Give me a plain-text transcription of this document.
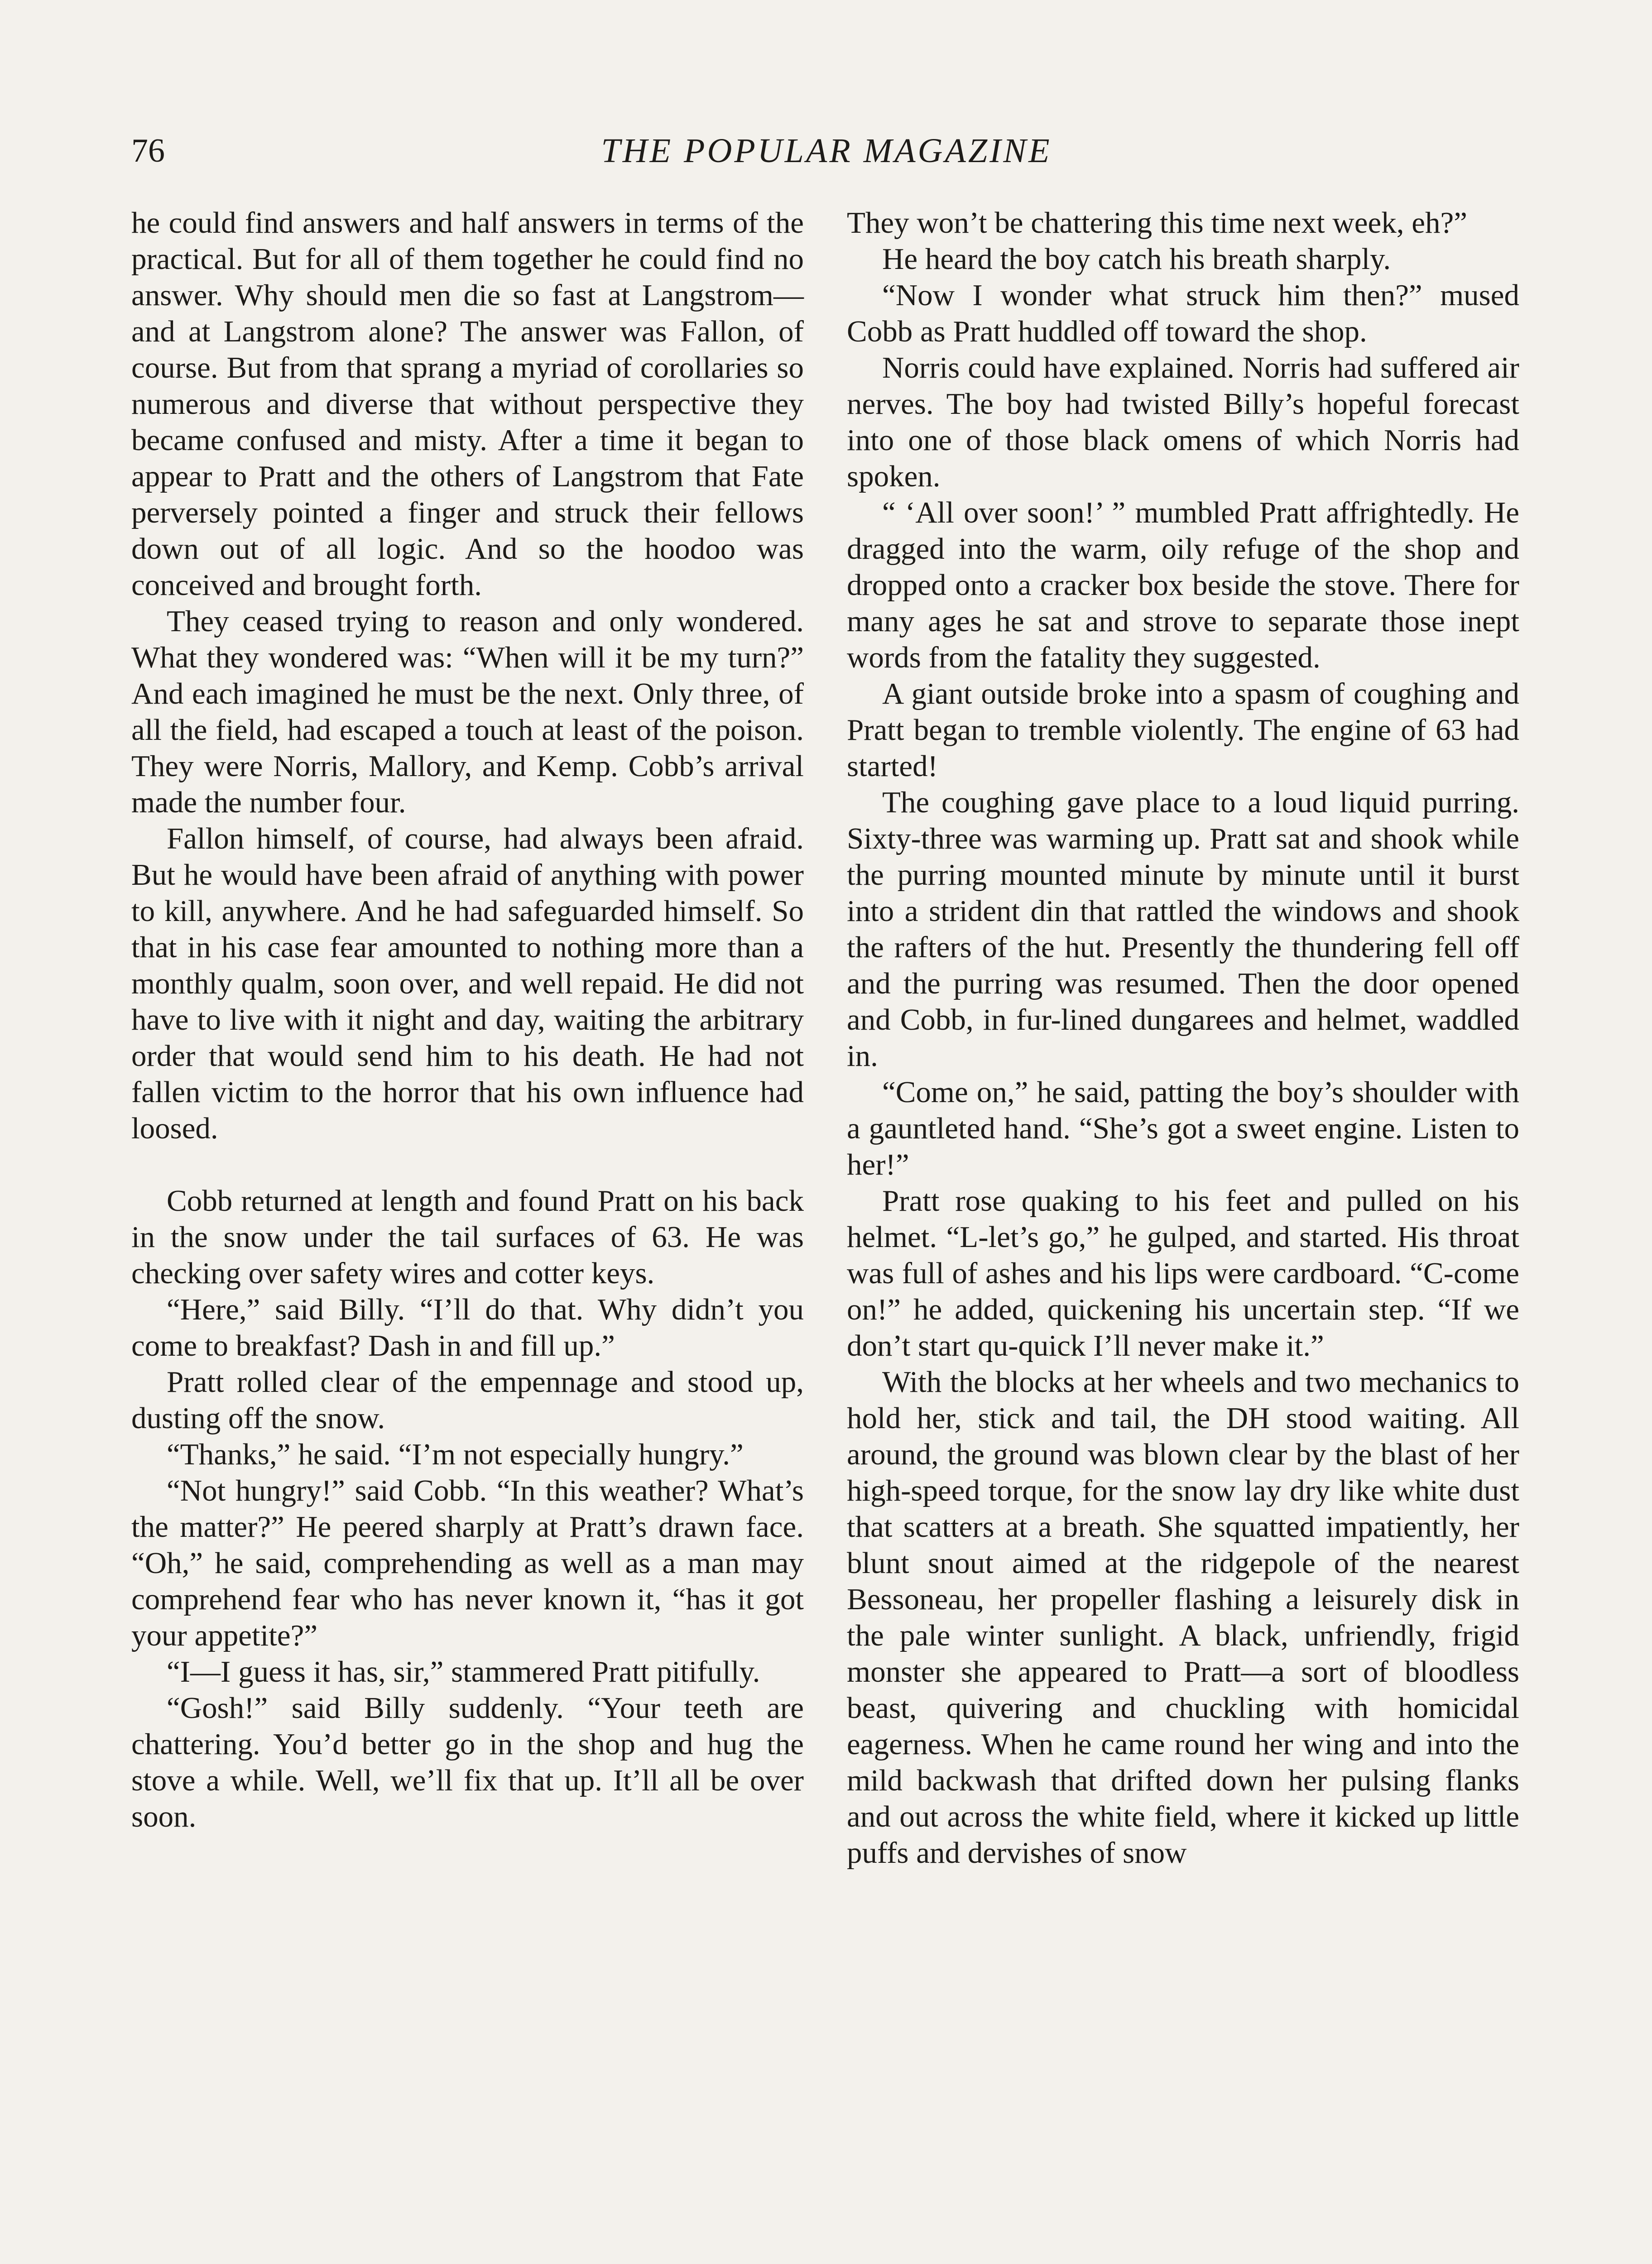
76	THE POPULAR MAGAZINE

he could find answers and half answers in terms of the practical. But for all of them together he could find no answer. Why should men die so fast at Langstrom—and at Langstrom alone? The answer was Fallon, of course. But from that sprang a myriad of corollaries so numerous and diverse that without perspective they became confused and misty. After a time it began to appear to Pratt and the others of Langstrom that Fate perversely pointed a finger and struck their fellows down out of all logic. And so the hoodoo was conceived and brought forth.

They ceased trying to reason and only wondered. What they wondered was: “When will it be my turn?” And each imagined he must be the next. Only three, of all the field, had escaped a touch at least of the poison. They were Norris, Mallory, and Kemp. Cobb’s arrival made the number four.

Fallon himself, of course, had always been afraid. But he would have been afraid of anything with power to kill, anywhere. And he had safeguarded himself. So that in his case fear amounted to nothing more than a monthly qualm, soon over, and well repaid. He did not have to live with it night and day, waiting the arbitrary order that would send him to his death. He had not fallen victim to the horror that his own influence had loosed.

Cobb returned at length and found Pratt on his back in the snow under the tail surfaces of 63. He was checking over safety wires and cotter keys.

“Here,” said Billy. “I’ll do that. Why didn’t you come to breakfast? Dash in and fill up.”

Pratt rolled clear of the empennage and stood up, dusting off the snow.

“Thanks,” he said. “I’m not especially hungry.”

“Not hungry!” said Cobb. “In this weather? What’s the matter?” He peered sharply at Pratt’s drawn face. “Oh,” he said, comprehending as well as a man may comprehend fear who has never known it, “has it got your appetite?”

“I—I guess it has, sir,” stammered Pratt pitifully.

“Gosh!” said Billy suddenly. “Your teeth are chattering. You’d better go in the shop and hug the stove a while. Well, we’ll fix that up. It’ll all be over soon.

They won’t be chattering this time next week, eh?”

He heard the boy catch his breath sharply.

“Now I wonder what struck him then?” mused Cobb as Pratt huddled off toward the shop.

Norris could have explained. Norris had suffered air nerves. The boy had twisted Billy’s hopeful forecast into one of those black omens of which Norris had spoken.

“ ‘All over soon!’ ” mumbled Pratt affrightedly. He dragged into the warm, oily refuge of the shop and dropped onto a cracker box beside the stove. There for many ages he sat and strove to separate those inept words from the fatality they suggested.

A giant outside broke into a spasm of coughing and Pratt began to tremble violently. The engine of 63 had started!

The coughing gave place to a loud liquid purring. Sixty-three was warming up. Pratt sat and shook while the purring mounted minute by minute until it burst into a strident din that rattled the windows and shook the rafters of the hut. Presently the thundering fell off and the purring was resumed. Then the door opened and Cobb, in fur-lined dungarees and helmet, waddled in.

“Come on,” he said, patting the boy’s shoulder with a gauntleted hand. “She’s got a sweet engine. Listen to her!”

Pratt rose quaking to his feet and pulled on his helmet. “L-let’s go,” he gulped, and started. His throat was full of ashes and his lips were cardboard. “C-come on!” he added, quickening his uncertain step. “If we don’t start qu-quick I’ll never make it.”

With the blocks at her wheels and two mechanics to hold her, stick and tail, the DH stood waiting. All around, the ground was blown clear by the blast of her high-speed torque, for the snow lay dry like white dust that scatters at a breath. She squatted impatiently, her blunt snout aimed at the ridgepole of the nearest Bessoneau, her propeller flashing a leisurely disk in the pale winter sunlight. A black, unfriendly, frigid monster she appeared to Pratt—a sort of bloodless beast, quivering and chuckling with homicidal eagerness. When he came round her wing and into the mild backwash that drifted down her pulsing flanks and out across the white field, where it kicked up little puffs and dervishes of snow
